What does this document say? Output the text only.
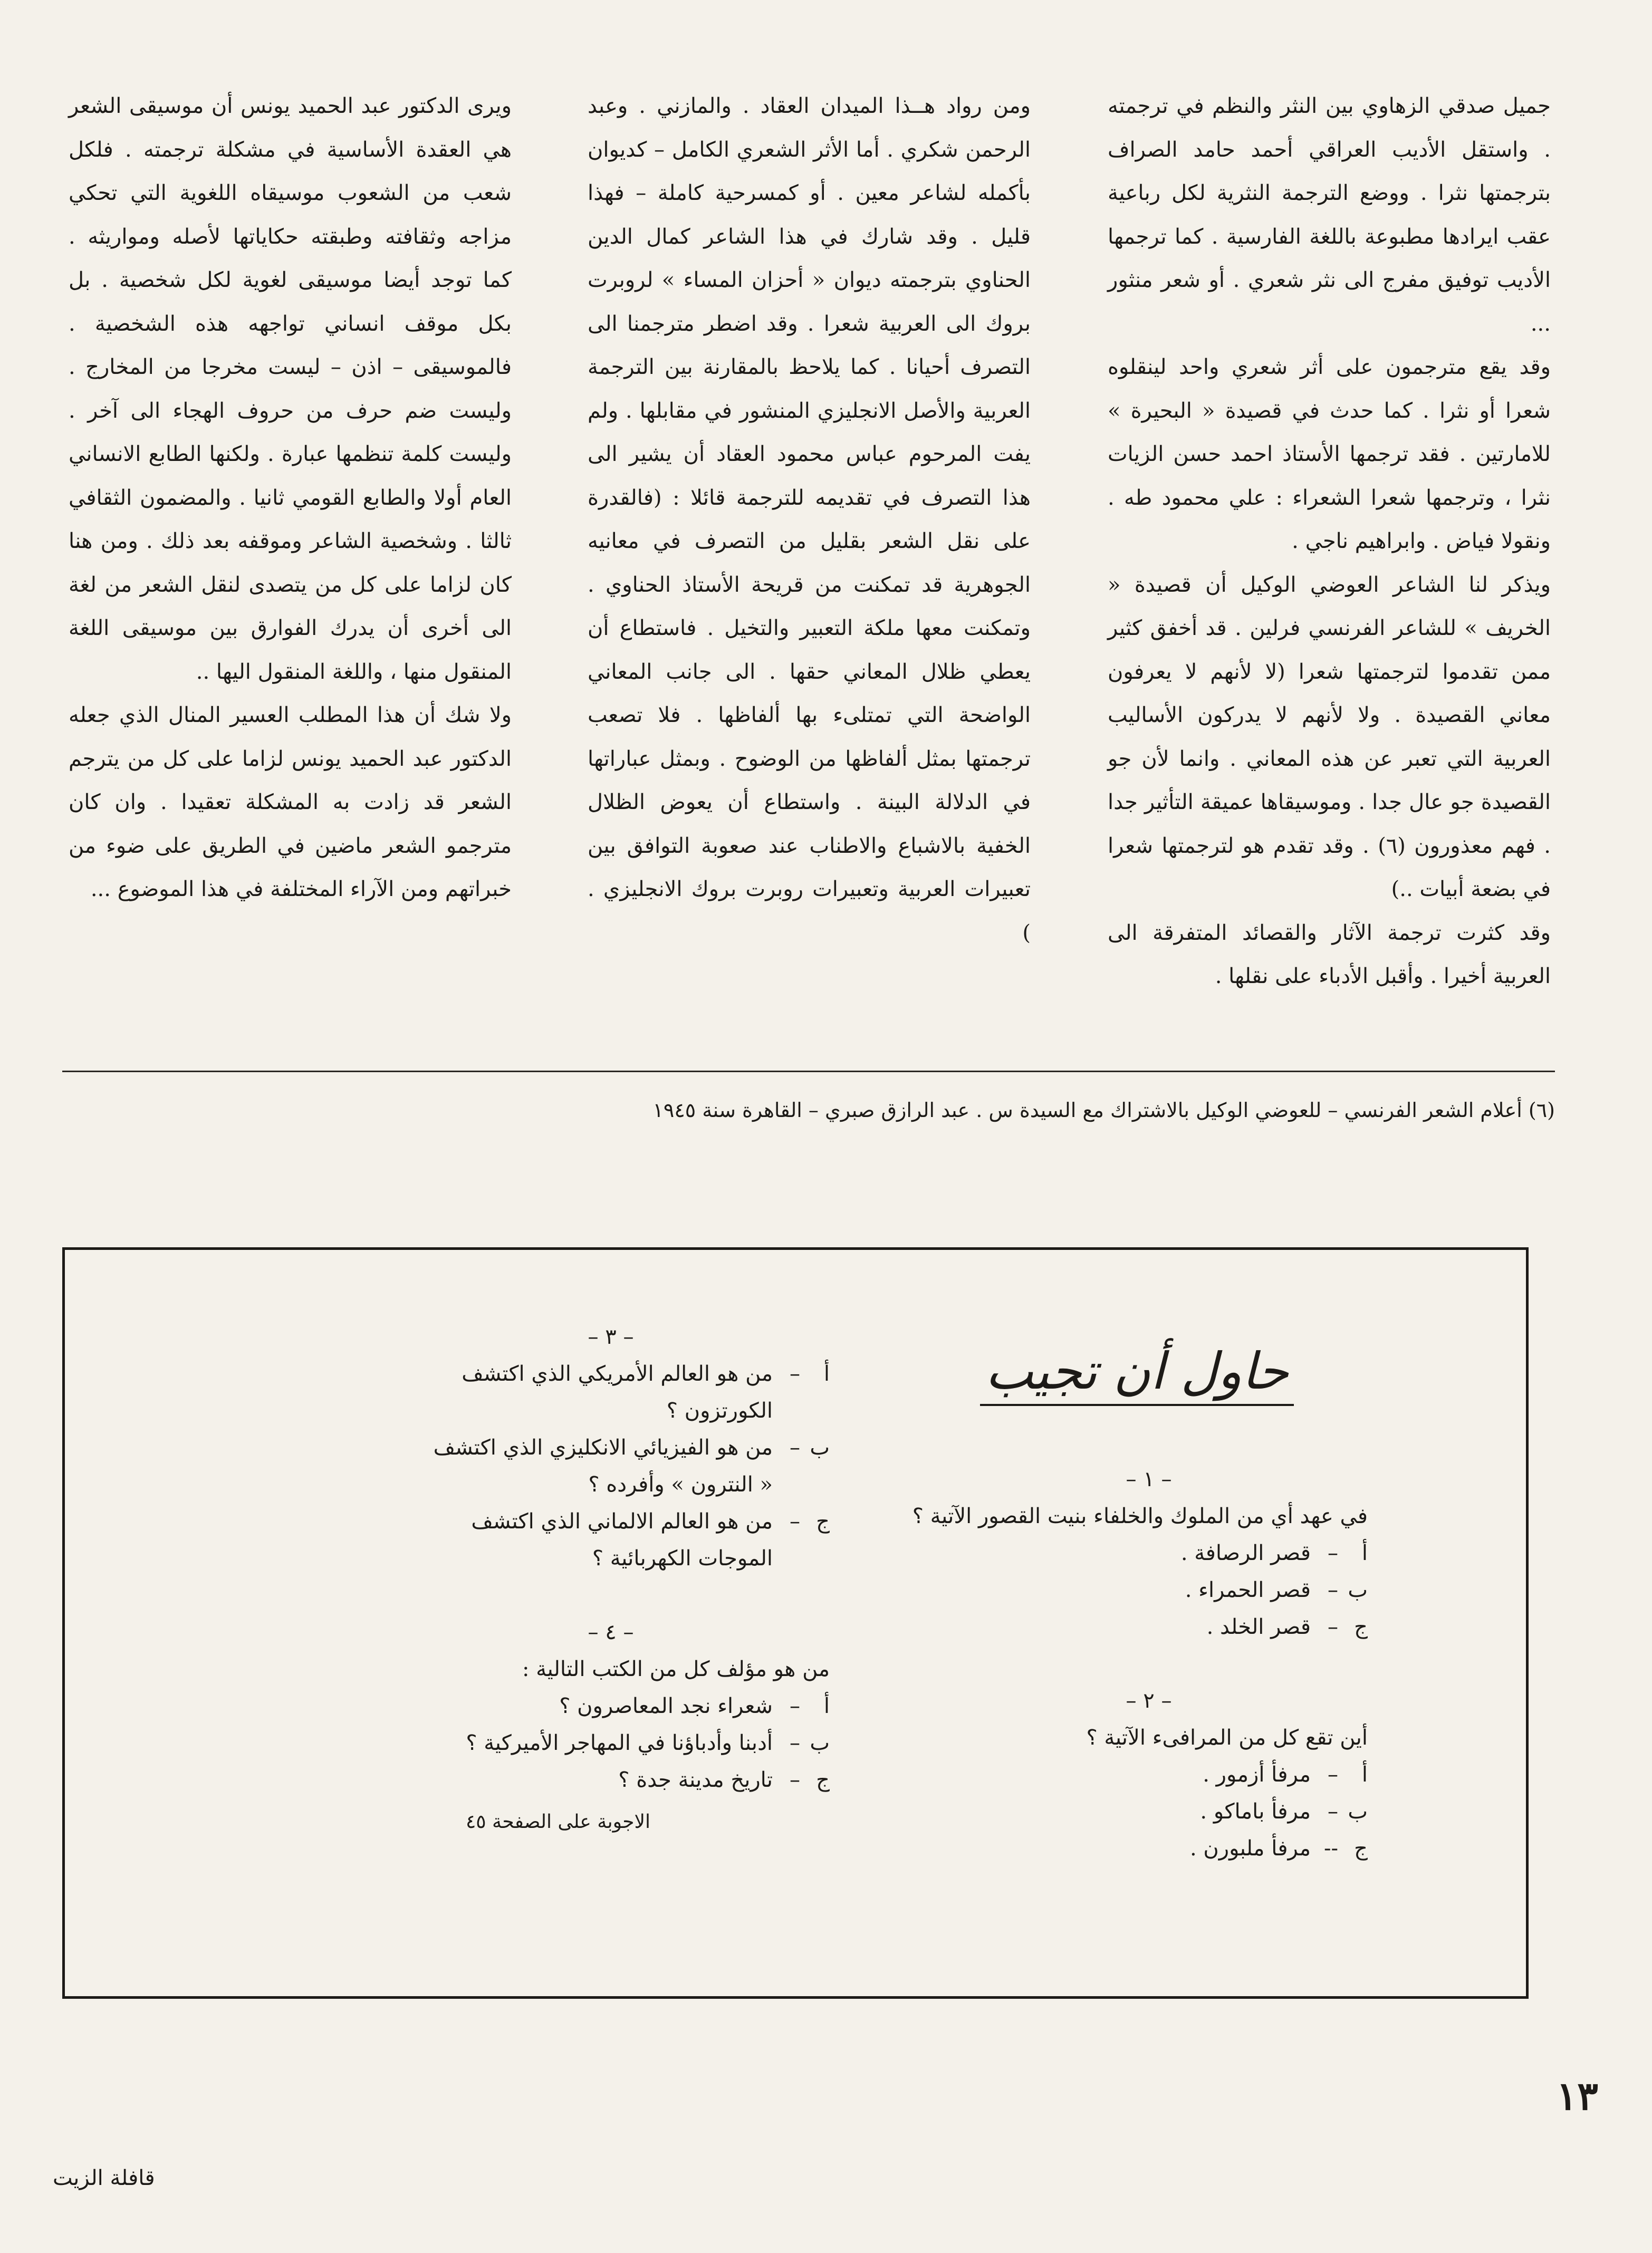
جميل صدقي الزهاوي بين النثر والنظم في ترجمته . واستقل الأديب العراقي أحمد حامد الصراف بترجمتها نثرا . ووضع الترجمة النثرية لكل رباعية عقب ايرادها مطبوعة باللغة الفارسية . كما ترجمها الأديب توفيق مفرج الى نثر شعري . أو شعر منثور ...

وقد يقع مترجمون على أثر شعري واحد لينقلوه شعرا أو نثرا . كما حدث في قصيدة « البحيرة » للامارتين . فقد ترجمها الأستاذ احمد حسن الزيات نثرا ، وترجمها شعرا الشعراء : علي محمود طه . ونقولا فياض . وابراهيم ناجي .

ويذكر لنا الشاعر العوضي الوكيل أن قصيدة « الخريف » للشاعر الفرنسي فرلين . قد أخفق كثير ممن تقدموا لترجمتها شعرا (لا لأنهم لا يعرفون معاني القصيدة . ولا لأنهم لا يدركون الأساليب العربية التي تعبر عن هذه المعاني . وانما لأن جو القصيدة جو عال جدا . وموسيقاها عميقة التأثير جدا . فهم معذورون (٦) . وقد تقدم هو لترجمتها شعرا في بضعة أبيات ..)

وقد كثرت ترجمة الآثار والقصائد المتفرقة الى العربية أخيرا . وأقبل الأدباء على نقلها .

ومن رواد هــذا الميدان العقاد . والمازني . وعبد الرحمن شكري . أما الأثر الشعري الكامل – كديوان بأكمله لشاعر معين . أو كمسرحية كاملة – فهذا قليل . وقد شارك في هذا الشاعر كمال الدين الحناوي بترجمته ديوان « أحزان المساء » لروبرت بروك الى العربية شعرا . وقد اضطر مترجمنا الى التصرف أحيانا . كما يلاحظ بالمقارنة بين الترجمة العربية والأصل الانجليزي المنشور في مقابلها . ولم يفت المرحوم عباس محمود العقاد أن يشير الى هذا التصرف في تقديمه للترجمة قائلا : (فالقدرة على نقل الشعر بقليل من التصرف في معانيه الجوهرية قد تمكنت من قريحة الأستاذ الحناوي . وتمكنت معها ملكة التعبير والتخيل . فاستطاع أن يعطي ظلال المعاني حقها . الى جانب المعاني الواضحة التي تمتلىء بها ألفاظها . فلا تصعب ترجمتها بمثل ألفاظها من الوضوح . وبمثل عباراتها في الدلالة البينة . واستطاع أن يعوض الظلال الخفية بالاشباع والاطناب عند صعوبة التوافق بين تعبيرات العربية وتعبيرات روبرت بروك الانجليزي . )

ويرى الدكتور عبد الحميد يونس أن موسيقى الشعر هي العقدة الأساسية في مشكلة ترجمته . فلكل شعب من الشعوب موسيقاه اللغوية التي تحكي مزاجه وثقافته وطبقته حكاياتها لأصله ومواريثه . كما توجد أيضا موسيقى لغوية لكل شخصية . بل بكل موقف انساني تواجهه هذه الشخصية . فالموسيقى – اذن – ليست مخرجا من المخارج . وليست ضم حرف من حروف الهجاء الى آخر . وليست كلمة تنظمها عبارة . ولكنها الطابع الانساني العام أولا والطابع القومي ثانيا . والمضمون الثقافي ثالثا . وشخصية الشاعر وموقفه بعد ذلك . ومن هنا كان لزاما على كل من يتصدى لنقل الشعر من لغة الى أخرى أن يدرك الفوارق بين موسيقى اللغة المنقول منها ، واللغة المنقول اليها ..

ولا شك أن هذا المطلب العسير المنال الذي جعله الدكتور عبد الحميد يونس لزاما على كل من يترجم الشعر قد زادت به المشكلة تعقيدا . وان كان مترجمو الشعر ماضين في الطريق على ضوء من خبراتهم ومن الآراء المختلفة في هذا الموضوع ...

(٦) أعلام الشعر الفرنسي – للعوضي الوكيل بالاشتراك مع السيدة س . عبد الرازق صبري – القاهرة سنة ١٩٤٥
حاول أن تجيب
– ١ –

في عهد أي من الملوك والخلفاء بنيت القصور الآتية ؟

أ
–
قصر الرصافة .
ب
–
قصر الحمراء .
ج
–
قصر الخلد .
– ٢ –

أين تقع كل من المرافىء الآتية ؟

أ
–
مرفأ أزمور .
ب
–
مرفأ باماكو .
ج
--
مرفأ ملبورن .
– ٣ –
أ
–
من هو العالم الأمريكي الذي اكتشف
الكورتزون ؟
ب
–
من هو الفيزيائي الانكليزي الذي اكتشف
« النترون » وأفرده ؟
ج
–
من هو العالم الالماني الذي اكتشف
الموجات الكهربائية ؟
– ٤ –

من هو مؤلف كل من الكتب التالية :

أ
–
شعراء نجد المعاصرون ؟
ب
–
أدبنا وأدباؤنا في المهاجر الأميركية ؟
ج
–
تاريخ مدينة جدة ؟
الاجوبة على الصفحة ٤٥
١٣
قافلة الزيت
